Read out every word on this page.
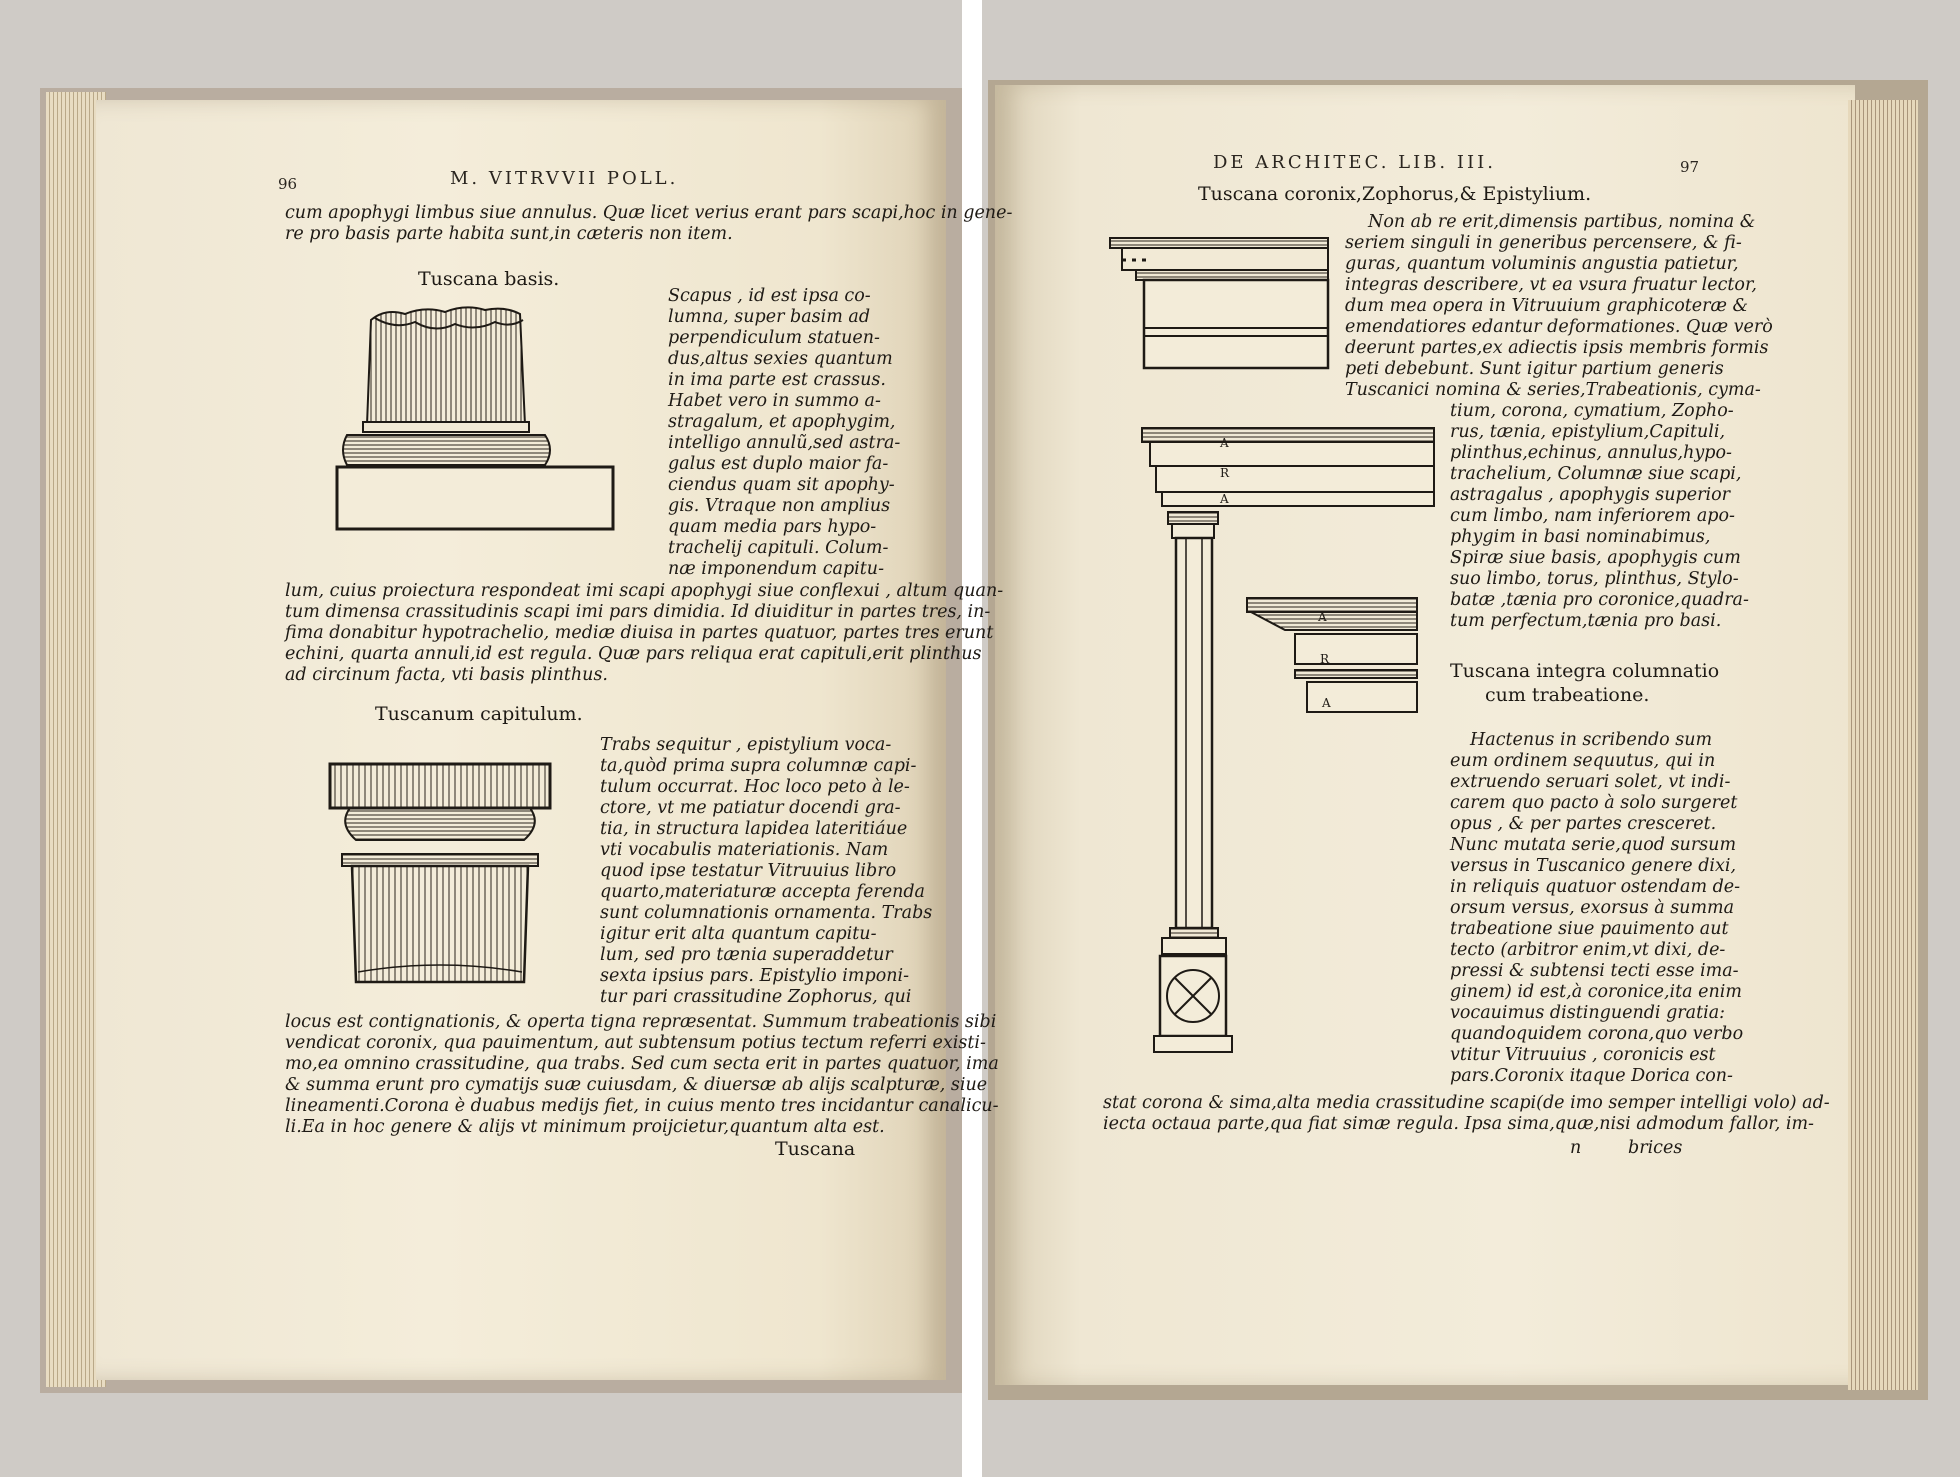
96	M. VITRVVII POLL.
cum apophygi limbus siue annulus. Quæ licet verius erant pars scapi,hoc in gene-
re pro basis parte habita sunt,in cæteris non item.
Tuscana basis.
Scapus , id est ipsa co-
lumna, super basim ad
perpendiculum statuen-
dus,altus sexies quantum
in ima parte est crassus.
Habet vero in summo a-
stragalum, et apophygim,
intelligo annulũ,sed astra-
galus est duplo maior fa-
ciendus quam sit apophy-
gis. Vtraque non amplius
quam media pars hypo-
trachelij capituli. Colum-
næ imponendum capitu-
lum, cuius proiectura respondeat imi scapi apophygi siue conflexui , altum quan-
tum dimensa crassitudinis scapi imi pars dimidia. Id diuiditur in partes tres, in-
fima donabitur hypotrachelio, mediæ diuisa in partes quatuor, partes tres erunt
echini, quarta annuli,id est regula. Quæ pars reliqua erat capituli,erit plinthus
ad circinum facta, vti basis plinthus.
Tuscanum capitulum.
Trabs sequitur , epistylium voca-
ta,quòd prima supra columnæ capi-
tulum occurrat. Hoc loco peto à le-
ctore, vt me patiatur docendi gra-
tia, in structura lapidea lateritiáue
vti vocabulis materiationis. Nam
quod ipse testatur Vitruuius libro
quarto,materiaturæ accepta ferenda
sunt columnationis ornamenta. Trabs
igitur erit alta quantum capitu-
lum, sed pro tænia superaddetur
sexta ipsius pars. Epistylio imponi-
tur pari crassitudine Zophorus, qui
locus est contignationis, & operta tigna repræsentat. Summum trabeationis sibi
vendicat coronix, qua pauimentum, aut subtensum potius tectum referri existi-
mo,ea omnino crassitudine, qua trabs. Sed cum secta erit in partes quatuor, ima
& summa erunt pro cymatijs suæ cuiusdam, & diuersæ ab alijs scalpturæ, siue
lineamenti.Corona è duabus medijs fiet, in cuius mento tres incidantur canalicu-
li.Ea in hoc genere & alijs vt minimum proijcietur,quantum alta est.
Tuscana
DE ARCHITEC. LIB. III.	97
Tuscana coronix,Zophorus,& Epistylium.
Non ab re erit,dimensis partibus, nomina &
seriem singuli in generibus percensere, & fi-
guras, quantum voluminis angustia patietur,
integras describere, vt ea vsura fruatur lector,
dum mea opera in Vitruuium graphicoteræ &
emendatiores edantur deformationes. Quæ verò
deerunt partes,ex adiectis ipsis membris formis
peti debebunt. Sunt igitur partium generis
Tuscanici nomina & series,Trabeationis, cyma-
tium, corona, cymatium, Zopho-
rus, tænia, epistylium,Capituli,
plinthus,echinus, annulus,hypo-
trachelium, Columnæ siue scapi,
astragalus , apophygis superior
cum limbo, nam inferiorem apo-
phygim in basi nominabimus,
Spiræ siue basis, apophygis cum
suo limbo, torus, plinthus, Stylo-
batæ ,tænia pro coronice,quadra-
tum perfectum,tænia pro basi.
A
R
A
A
R
A
Tuscana integra columnatio
cum trabeatione.
Hactenus in scribendo sum
eum ordinem sequutus, qui in
extruendo seruari solet, vt indi-
carem quo pacto à solo surgeret
opus , & per partes cresceret.
Nunc mutata serie,quod sursum
versus in Tuscanico genere dixi,
in reliquis quatuor ostendam de-
orsum versus, exorsus à summa
trabeatione siue pauimento aut
tecto (arbitror enim,vt dixi, de-
pressi & subtensi tecti esse ima-
ginem) id est,à coronice,ita enim
vocauimus distinguendi gratia:
quandoquidem corona,quo verbo
vtitur Vitruuius , coronicis est
pars.Coronix itaque Dorica con-
stat corona & sima,alta media crassitudine scapi(de imo semper intelligi volo) ad-
iecta octaua parte,qua fiat simæ regula. Ipsa sima,quæ,nisi admodum fallor, im-
n	brices
